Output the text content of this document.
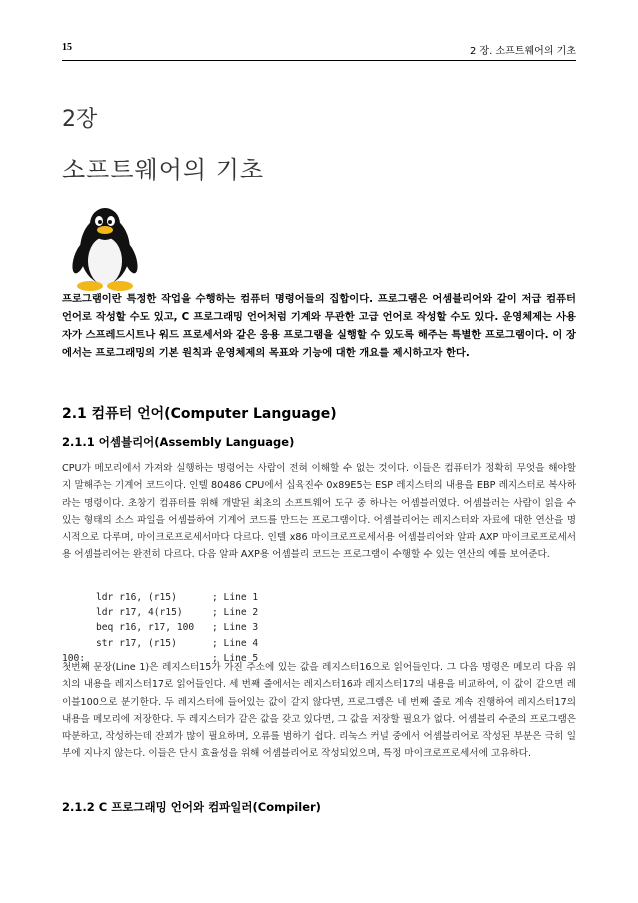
15	2 장. 소프트웨어의 기초
2장
소프트웨어의 기초
프로그램이란 특정한 작업을 수행하는 컴퓨터 명령어들의 집합이다. 프로그램은 어셈블리어와 같이 저급 컴퓨터 언어로 작성할 수도 있고, C 프로그래밍 언어처럼 기계와 무관한 고급 언어로 작성할 수도 있다. 운영체제는 사용자가 스프레드시트나 워드 프로세서와 같은 응용 프로그램을 실행할 수 있도록 해주는 특별한 프로그램이다. 이 장에서는 프로그래밍의 기본 원칙과 운영체제의 목표와 기능에 대한 개요를 제시하고자 한다.
2.1 컴퓨터 언어(Computer Language)
2.1.1 어셈블리어(Assembly Language)
CPU가 메모리에서 가져와 실행하는 명령어는 사람이 전혀 이해할 수 없는 것이다. 이들은 컴퓨터가 정확히 무엇을 해야할 지 말해주는 기계어 코드이다. 인텔 80486 CPU에서 십육진수 0x89E5는 ESP 레지스터의 내용을 EBP 레지스터로 복사하라는 명령이다. 초창기 컴퓨터를 위해 개발된 최초의 소프트웨어 도구 중 하나는 어셈블러였다. 어셈블러는 사람이 읽을 수 있는 형태의 소스 파일을 어셈블하여 기계어 코드를 만드는 프로그램이다. 어셈블리어는 레지스터와 자료에 대한 연산을 명시적으로 다루며, 마이크로프로세서마다 다르다. 인텔 x86 마이크로프로세서용 어셈블리어와 알파 AXP 마이크로프로세서용 어셈블리어는 완전히 다르다. 다음 알파 AXP용 어셈블리 코드는 프로그램이 수행할 수 있는 연산의 예를 보여준다.
ldr r16, (r15)	; Line 1
ldr r17, 4(r15)	; Line 2
beq r16, r17, 100 ; Line 3
str r17, (r15)	; Line 4
100:	; Line 5
첫번째 문장(Line 1)은 레지스터15가 가진 주소에 있는 값을 레지스터16으로 읽어들인다. 그 다음 명령은 메모리 다음 위치의 내용을 레지스터17로 읽어들인다. 세 번째 줄에서는 레지스터16과 레지스터17의 내용을 비교하여, 이 값이 같으면 레이블100으로 분기한다. 두 레지스터에 들어있는 값이 같지 않다면, 프로그램은 네 번째 줄로 계속 진행하여 레지스터17의 내용을 메모리에 저장한다. 두 레지스터가 같은 값을 갖고 있다면, 그 값을 저장할 필요가 없다. 어셈블리 수준의 프로그램은 따분하고, 작성하는데 잔꾀가 많이 필요하며, 오류를 범하기 쉽다. 리눅스 커널 중에서 어셈블리어로 작성된 부분은 극히 일부에 지나지 않는다. 이들은 단시 효율성을 위해 어셈블리어로 작성되었으며, 특정 마이크로프로세서에 고유하다.
2.1.2 C 프로그래밍 언어와 컴파일러(Compiler)
